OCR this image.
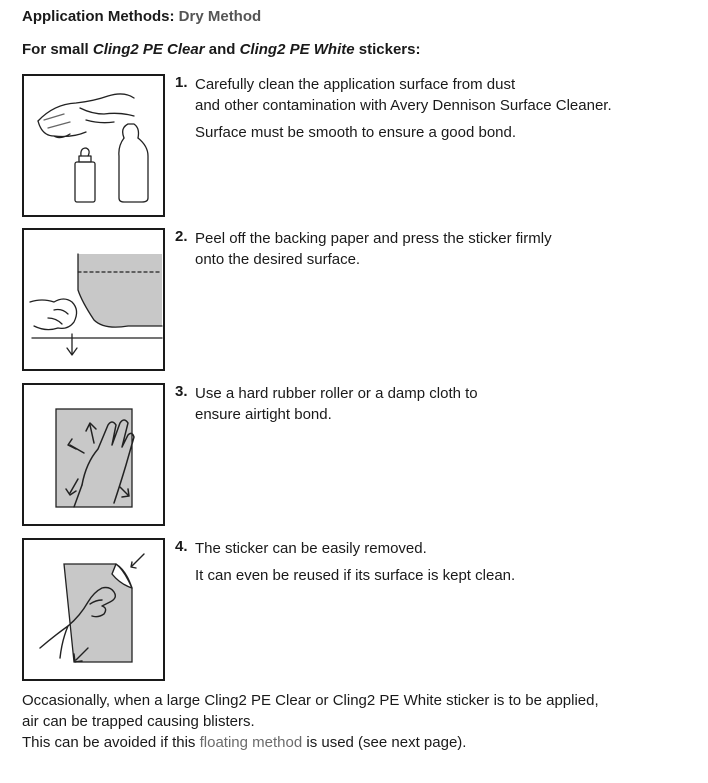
Application Methods: Dry Method
For small Cling2 PE Clear and Cling2 PE White stickers:
1. Carefully clean the application surface from dust
and other contamination with Avery Dennison Surface Cleaner.
Surface must be smooth to ensure a good bond.
2. Peel off the backing paper and press the sticker firmly
onto the desired surface.
3. Use a hard rubber roller or a damp cloth to
ensure airtight bond.
4. The sticker can be easily removed.
It can even be reused if its surface is kept clean.
Occasionally, when a large Cling2 PE Clear or Cling2 PE White sticker is to be applied,
air can be trapped causing blisters.
This can be avoided if this floating method is used (see next page).
